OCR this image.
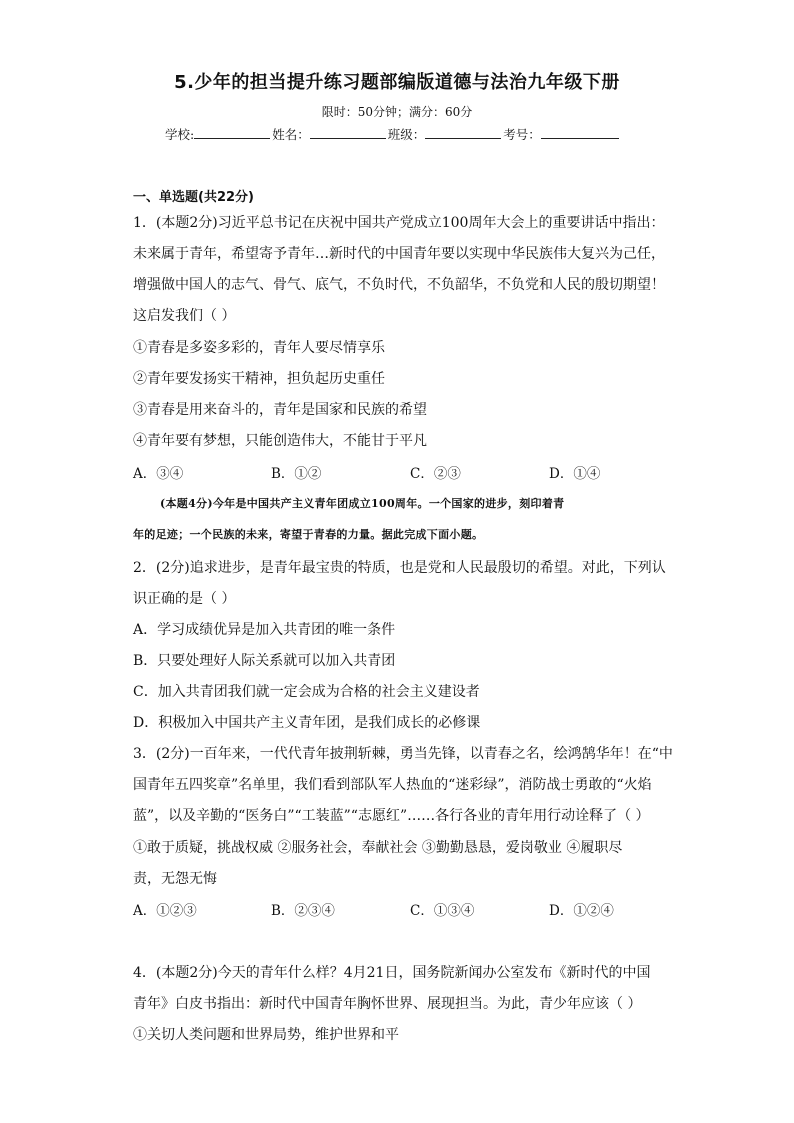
5.少年的担当提升练习题部编版道德与法治九年级下册
限时：50分钟；满分：60分
学校:	姓名：	班级：	考号：
一、单选题(共22分)
1．(本题2分)习近平总书记在庆祝中国共产党成立100周年大会上的重要讲话中指出：
未来属于青年，希望寄予青年…新时代的中国青年要以实现中华民族伟大复兴为己任，
增强做中国人的志气、骨气、底气，不负时代，不负韶华，不负党和人民的殷切期望！
这启发我们（ ）
①青春是多姿多彩的，青年人要尽情享乐
②青年要发扬实干精神，担负起历史重任
③青春是用来奋斗的，青年是国家和民族的希望
④青年要有梦想，只能创造伟大，不能甘于平凡
A．③④	B．①②	C．②③	D．①④
(本题4分)今年是中国共产主义青年团成立100周年。一个国家的进步，刻印着青
年的足迹；一个民族的未来，寄望于青春的力量。据此完成下面小题。
2．(2分)追求进步，是青年最宝贵的特质，也是党和人民最殷切的希望。对此，下列认
识正确的是（ ）
A．学习成绩优异是加入共青团的唯一条件
B．只要处理好人际关系就可以加入共青团
C．加入共青团我们就一定会成为合格的社会主义建设者
D．积极加入中国共产主义青年团，是我们成长的必修课
3．(2分)一百年来，一代代青年披荆斩棘，勇当先锋，以青春之名，绘鸿鹄华年！在“中
国青年五四奖章”名单里，我们看到部队军人热血的“迷彩绿”，消防战士勇敢的“火焰
蓝”，以及辛勤的“医务白”“工装蓝”“志愿红”……各行各业的青年用行动诠释了（ ）
①敢于质疑，挑战权威 ②服务社会，奉献社会 ③勤勤恳恳，爱岗敬业 ④履职尽
责，无怨无悔
A．①②③	B．②③④	C．①③④	D．①②④
4．(本题2分)今天的青年什么样？4月21日，国务院新闻办公室发布《新时代的中国
青年》白皮书指出：新时代中国青年胸怀世界、展现担当。为此，青少年应该（ ）
①关切人类问题和世界局势，维护世界和平
